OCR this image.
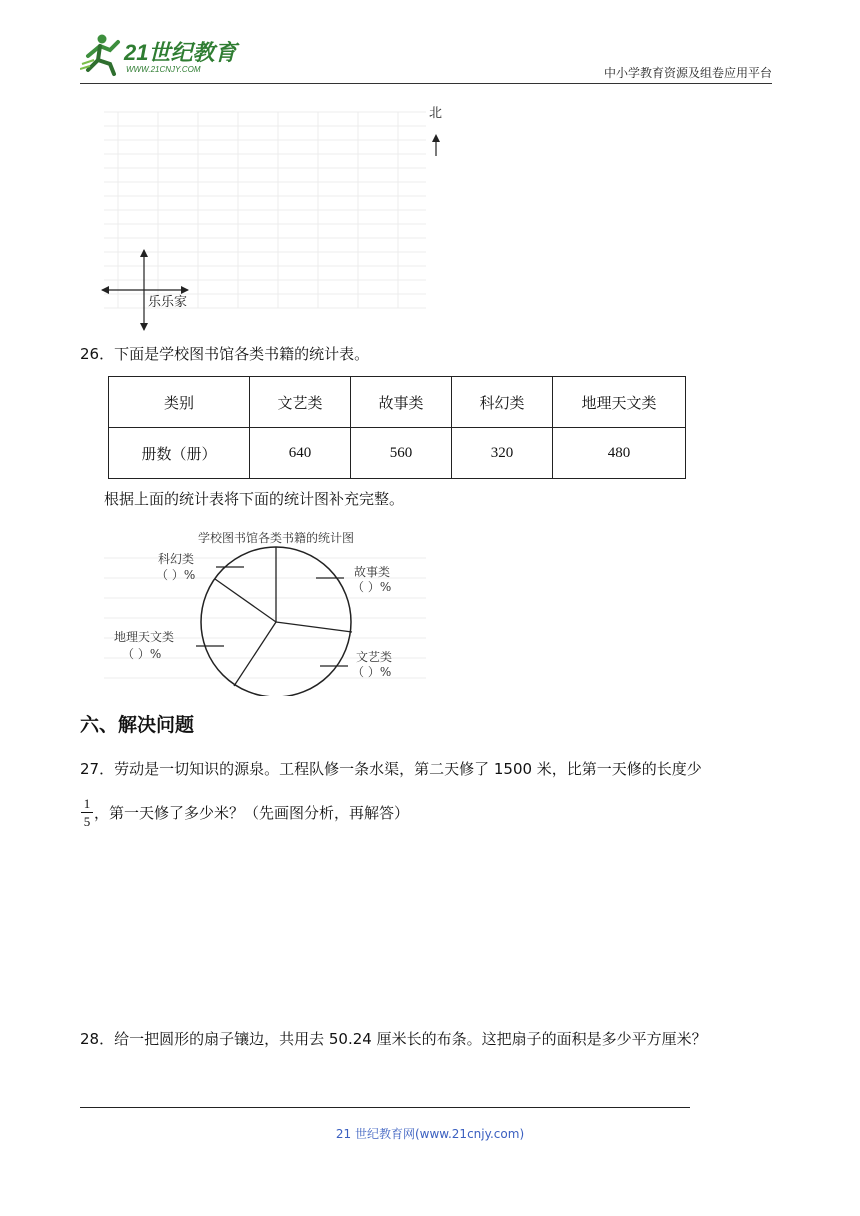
21世纪教育
WWW.21CNJY.COM	中小学教育资源及组卷应用平台
北
乐乐家
26．下面是学校图书馆各类书籍的统计表。
类别	文艺类	故事类	科幻类	地理天文类
册数（册）	640	560	320	480
根据上面的统计表将下面的统计图补充完整。
学校图书馆各类书籍的统计图
故事类
（ ）%
文艺类
（ ）%
地理天文类
（ ）%
科幻类
（ ）%
六、解决问题
27．劳动是一切知识的源泉。工程队修一条水渠，第二天修了 1500 米，比第一天修的长度少
1
5 ，第一天修了多少米？（先画图分析，再解答）
28．给一把圆形的扇子镶边，共用去 50.24 厘米长的布条。这把扇子的面积是多少平方厘米？
21 世纪教育网(www.21cnjy.com)
